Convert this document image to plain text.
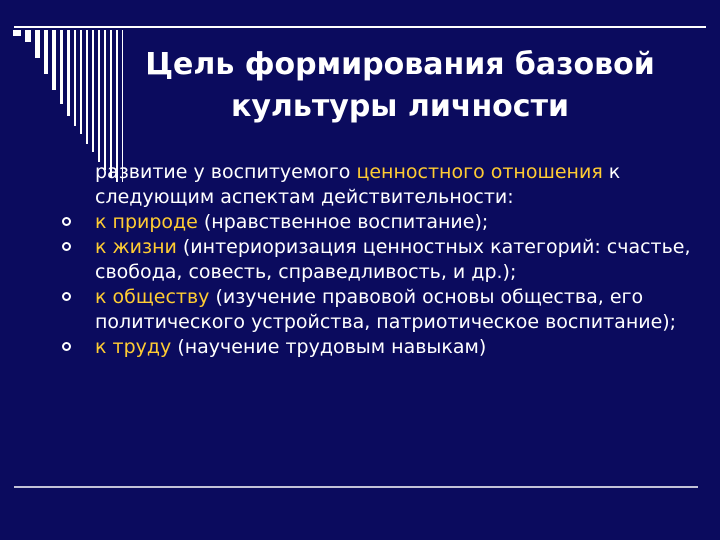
Цель формирования базовой
культуры личности
развитие у воспитуемого ценностного отношения к следующим аспектам действительности:
к природе (нравственное воспитание);
к жизни (интериоризация ценностных категорий: счастье, свобода, совесть, справедливость, и др.);
к обществу (изучение правовой основы общества, его политического устройства, патриотическое воспитание);
к труду (научение трудовым навыкам)
